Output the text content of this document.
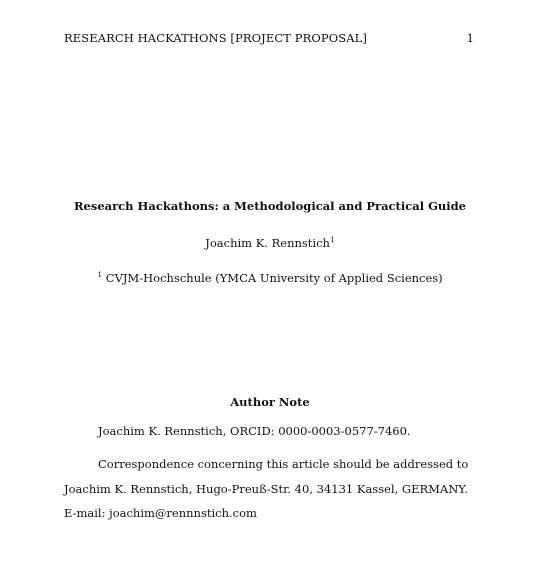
RESEARCH HACKATHONS [PROJECT PROPOSAL]	1
Research Hackathons: a Methodological and Practical Guide
Joachim K. Rennstich$^1$
$^1$ CVJM-Hochschule (YMCA University of Applied Sciences)
Author Note
Joachim K. Rennstich, ORCID: 0000-0003-0577-7460.
Correspondence concerning this article should be addressed to Joachim K. Rennstich, Hugo-Preuß-Str. 40, 34131 Kassel, GERMANY. E-mail: joachim@rennnstich.com
